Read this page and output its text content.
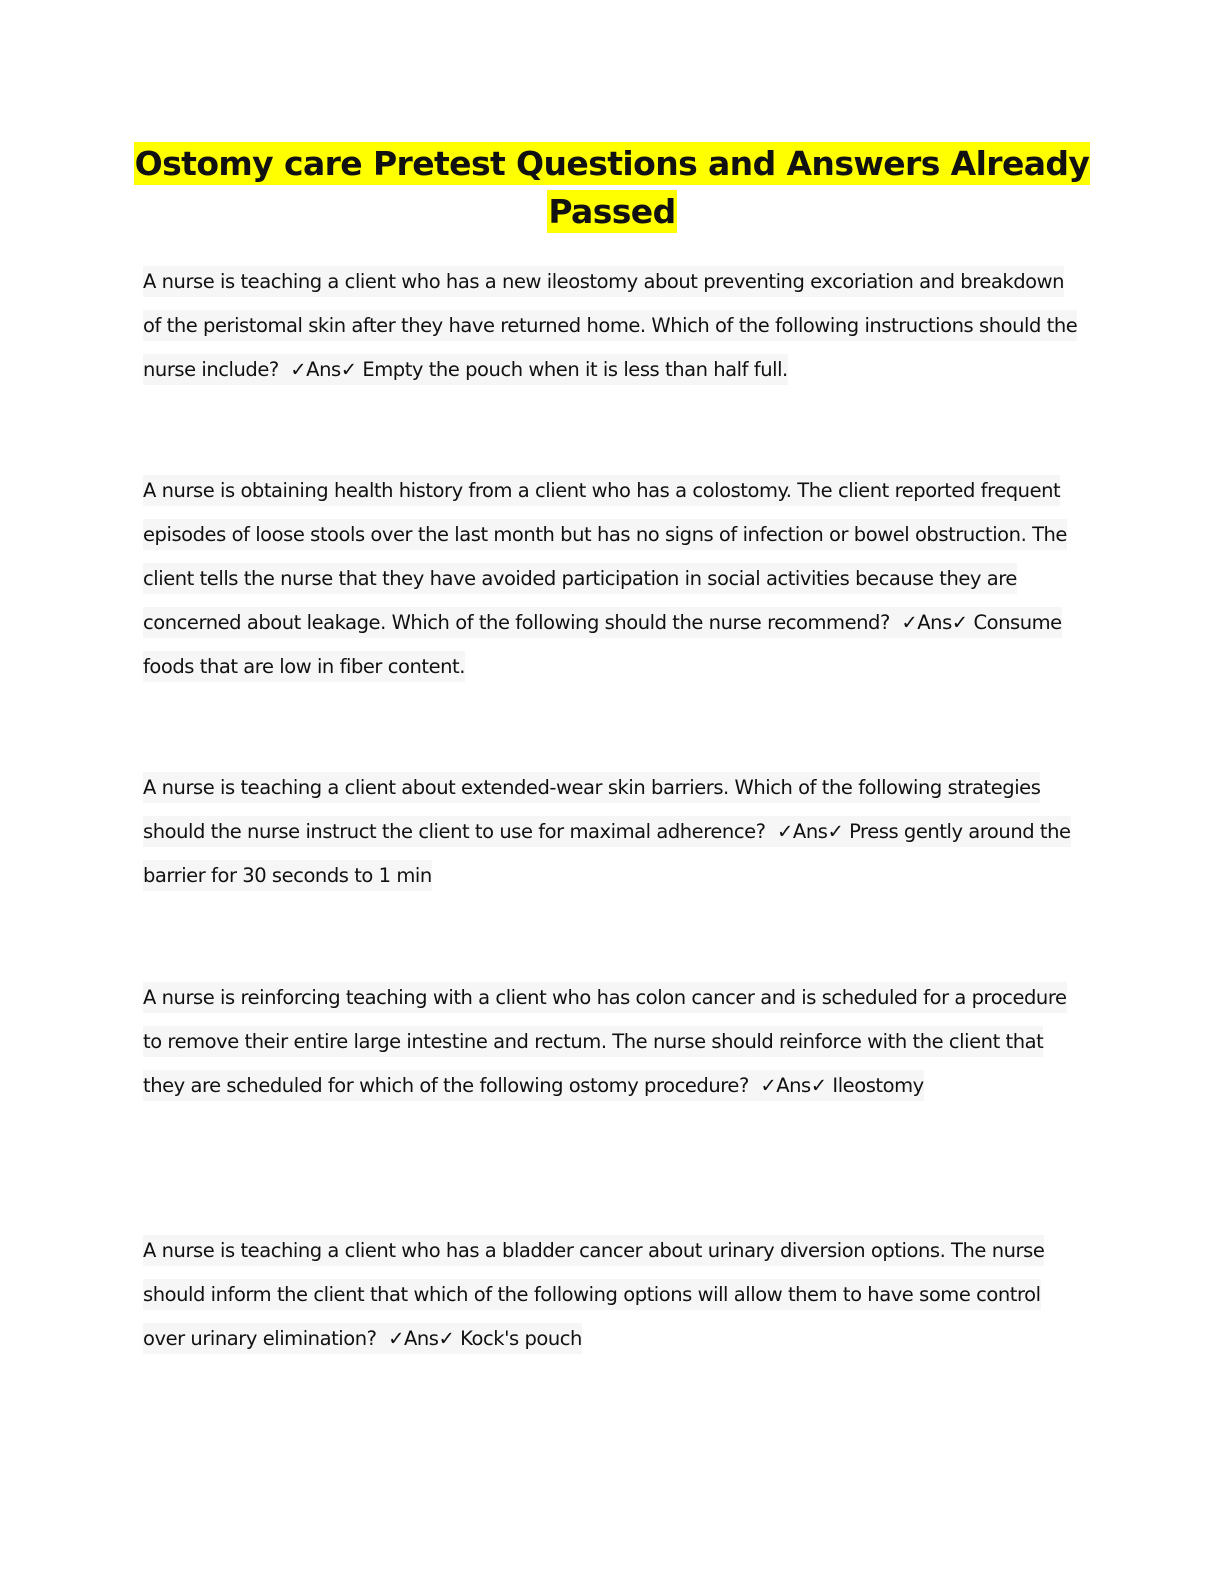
Ostomy care Pretest Questions and Answers Already
Passed

A nurse is teaching a client who has a new ileostomy about preventing excoriation and breakdown of the peristomal skin after they have returned home. Which of the following instructions should the nurse include? ✓Ans✓ Empty the pouch when it is less than half full.

A nurse is obtaining health history from a client who has a colostomy. The client reported frequent episodes of loose stools over the last month but has no signs of infection or bowel obstruction. The client tells the nurse that they have avoided participation in social activities because they are concerned about leakage. Which of the following should the nurse recommend? ✓Ans✓ Consume foods that are low in fiber content.

A nurse is teaching a client about extended-wear skin barriers. Which of the following strategies should the nurse instruct the client to use for maximal adherence? ✓Ans✓ Press gently around the barrier for 30 seconds to 1 min

A nurse is reinforcing teaching with a client who has colon cancer and is scheduled for a procedure to remove their entire large intestine and rectum. The nurse should reinforce with the client that they are scheduled for which of the following ostomy procedure? ✓Ans✓ Ileostomy

A nurse is teaching a client who has a bladder cancer about urinary diversion options. The nurse should inform the client that which of the following options will allow them to have some control over urinary elimination? ✓Ans✓ Kock's pouch
